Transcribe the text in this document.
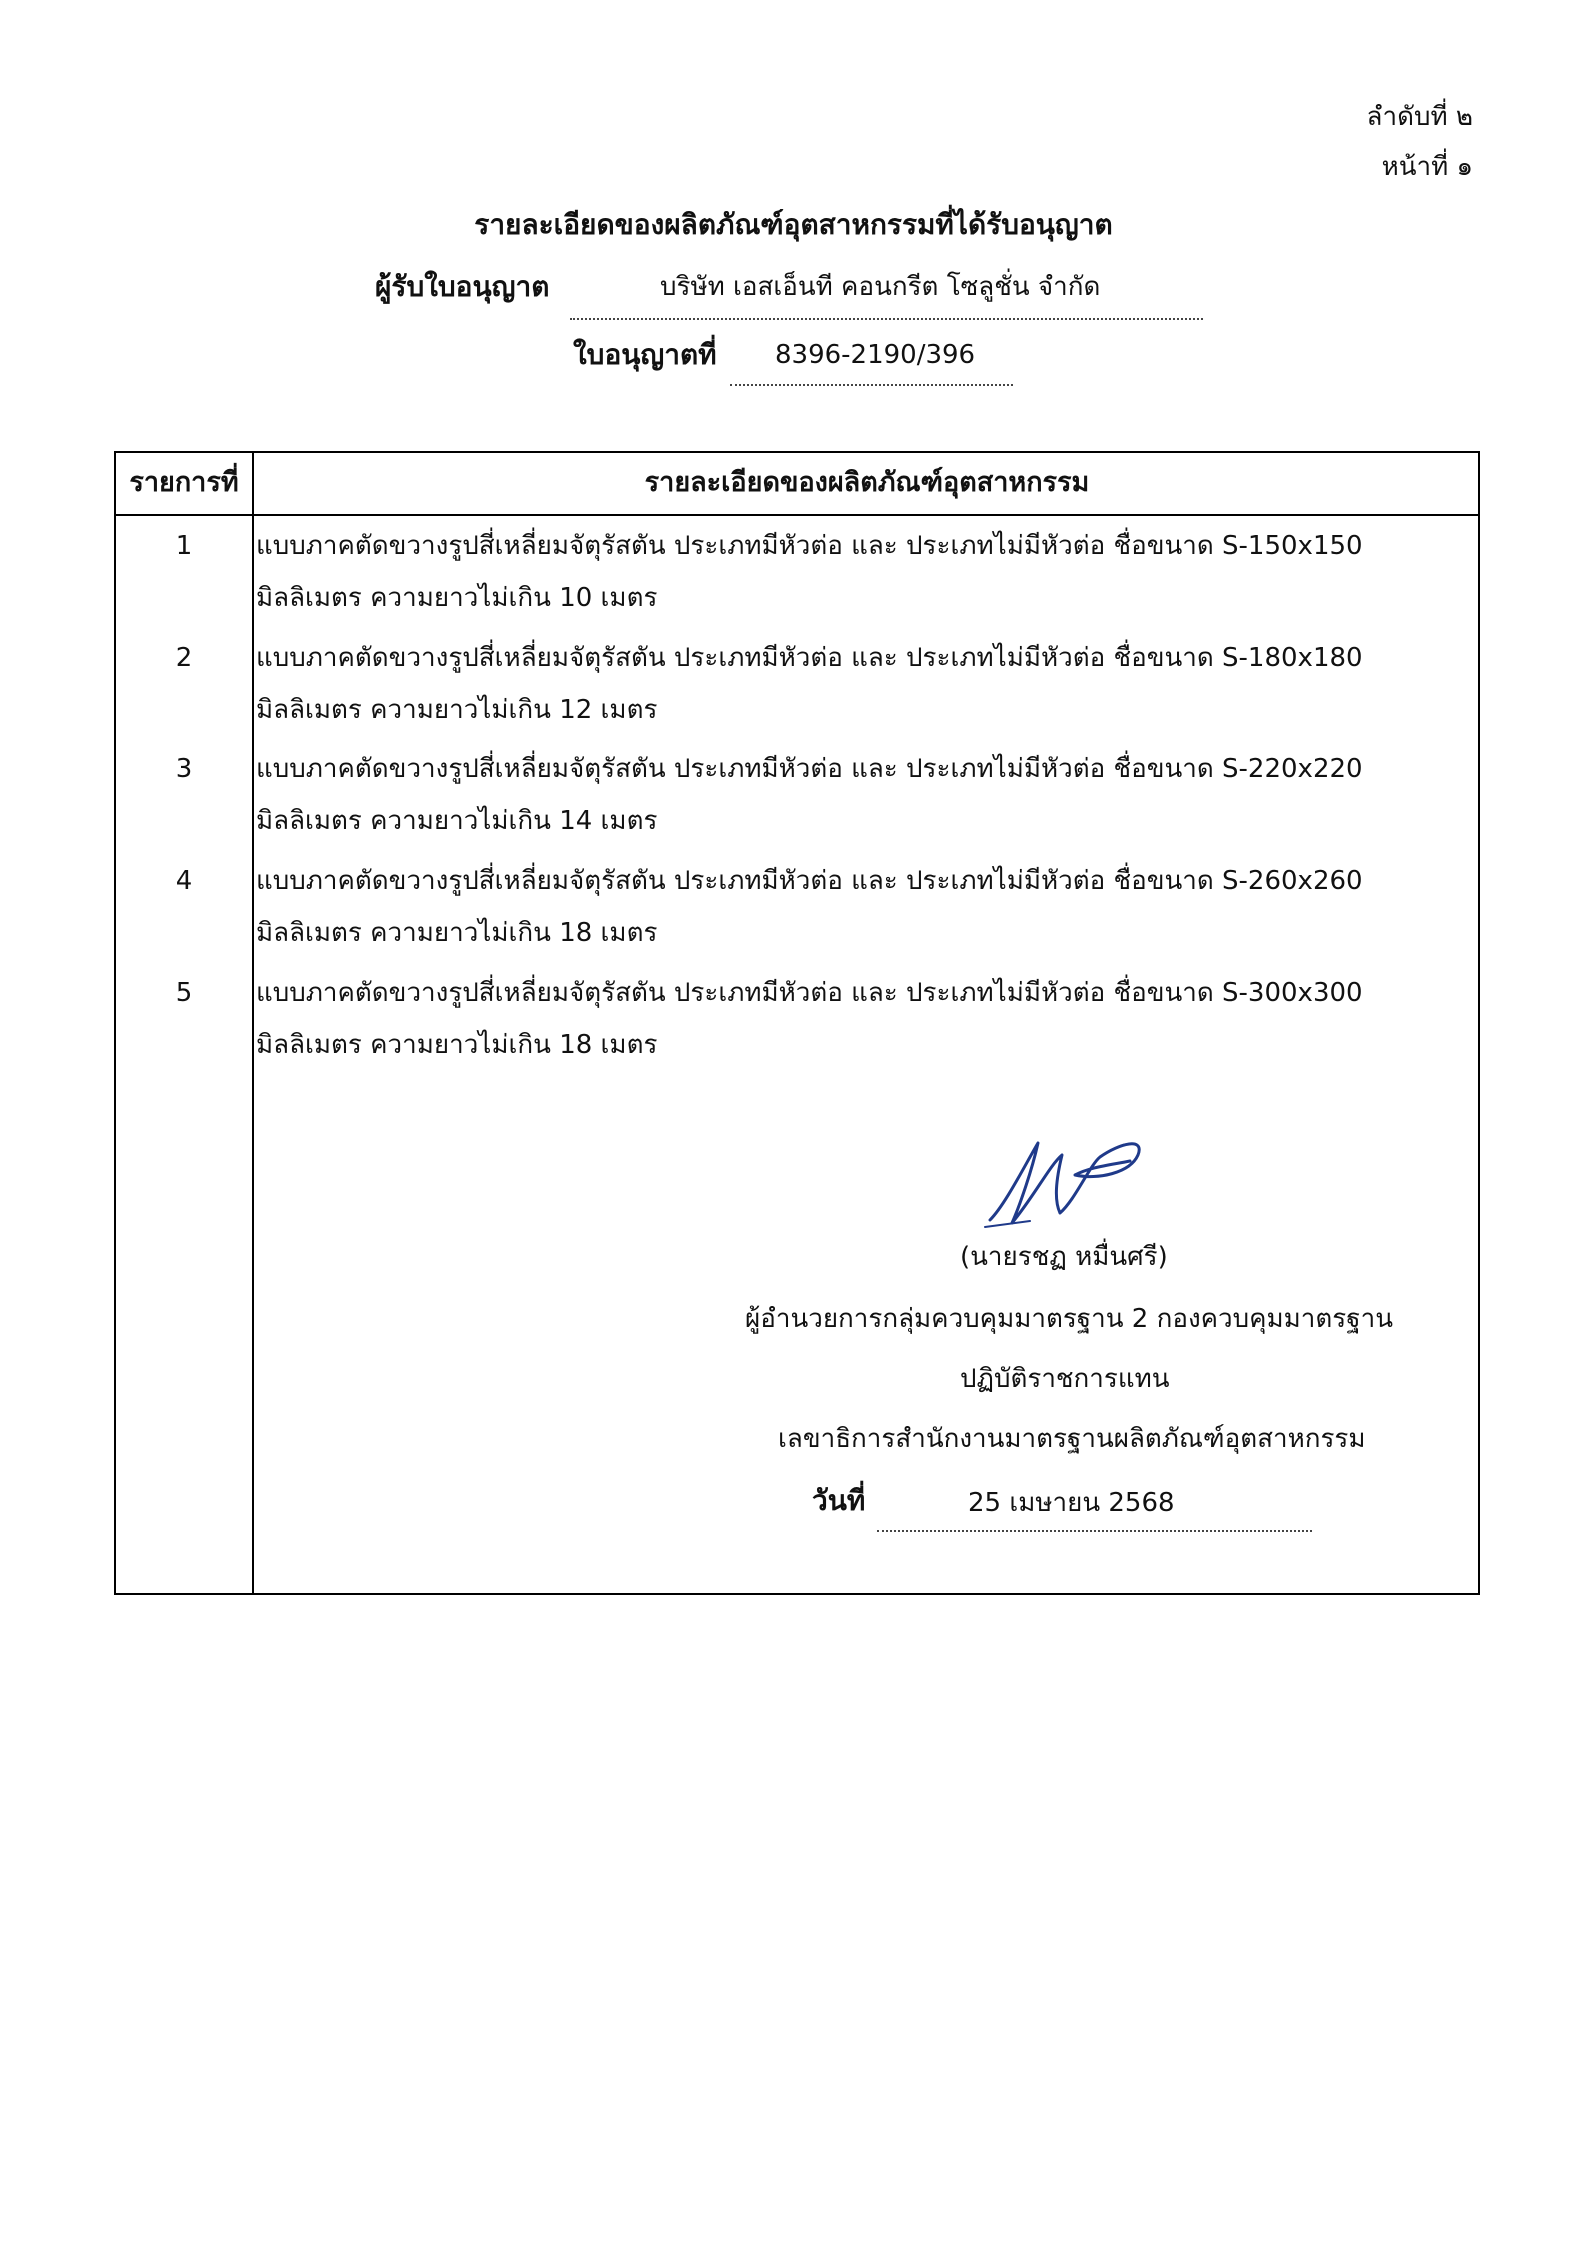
ลำดับที่ ๒
หน้าที่ ๑
รายละเอียดของผลิตภัณฑ์อุตสาหกรรมที่ได้รับอนุญาต
ผู้รับใบอนุญาต	บริษัท เอสเอ็นที คอนกรีต โซลูชั่น จำกัด
ใบอนุญาตที่ 8396-2190/396
รายการที่	รายละเอียดของผลิตภัณฑ์อุตสาหกรรม
1	แบบภาคตัดขวางรูปสี่เหลี่ยมจัตุรัสตัน ประเภทมีหัวต่อ และ ประเภทไม่มีหัวต่อ ชื่อขนาด S-150x150
มิลลิเมตร ความยาวไม่เกิน 10 เมตร
2	แบบภาคตัดขวางรูปสี่เหลี่ยมจัตุรัสตัน ประเภทมีหัวต่อ และ ประเภทไม่มีหัวต่อ ชื่อขนาด S-180x180
มิลลิเมตร ความยาวไม่เกิน 12 เมตร
3	แบบภาคตัดขวางรูปสี่เหลี่ยมจัตุรัสตัน ประเภทมีหัวต่อ และ ประเภทไม่มีหัวต่อ ชื่อขนาด S-220x220
มิลลิเมตร ความยาวไม่เกิน 14 เมตร
4	แบบภาคตัดขวางรูปสี่เหลี่ยมจัตุรัสตัน ประเภทมีหัวต่อ และ ประเภทไม่มีหัวต่อ ชื่อขนาด S-260x260
มิลลิเมตร ความยาวไม่เกิน 18 เมตร
5	แบบภาคตัดขวางรูปสี่เหลี่ยมจัตุรัสตัน ประเภทมีหัวต่อ และ ประเภทไม่มีหัวต่อ ชื่อขนาด S-300x300
มิลลิเมตร ความยาวไม่เกิน 18 เมตร
(นายรชฏ หมื่นศรี)
ผู้อำนวยการกลุ่มควบคุมมาตรฐาน 2 กองควบคุมมาตรฐาน
ปฏิบัติราชการแทน
เลขาธิการสำนักงานมาตรฐานผลิตภัณฑ์อุตสาหกรรม
วันที่	25 เมษายน 2568
